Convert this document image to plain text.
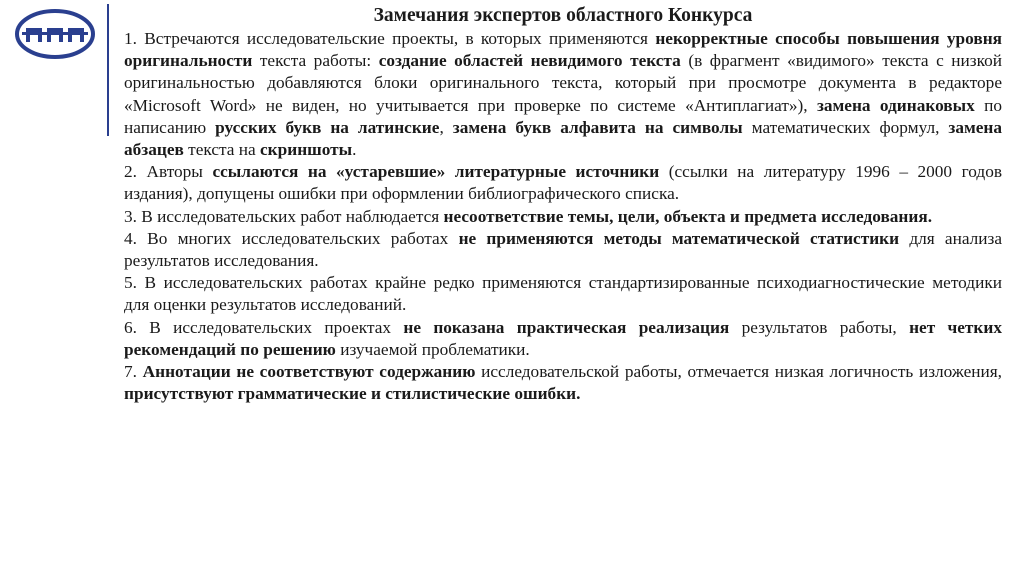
Замечания экспертов областного Конкурса

1. Встречаются исследовательские проекты, в которых применяются некорректные способы повышения уровня оригинальности текста работы: создание областей невидимого текста (в фрагмент «видимого» текста с низкой оригинальностью добавляются блоки оригинального текста, который при просмотре документа в редакторе «Microsoft Word» не виден, но учитывается при проверке по системе «Антиплагиат»), замена одинаковых по написанию русских букв на латинские, замена букв алфавита на символы математических формул, замена абзацев текста на скриншоты.

2. Авторы ссылаются на «устаревшие» литературные источники (ссылки на литературу 1996 – 2000 годов издания), допущены ошибки при оформлении библиографического списка.

3. В исследовательских работ наблюдается несоответствие темы, цели, объекта и предмета исследования.

4. Во многих исследовательских работах не применяются методы математической статистики для анализа результатов исследования.

5. В исследовательских работах крайне редко применяются стандартизированные психодиагностические методики для оценки результатов исследований.

6. В исследовательских проектах не показана практическая реализация результатов работы, нет четких рекомендаций по решению изучаемой проблематики.

7. Аннотации не соответствуют содержанию исследовательской работы, отмечается низкая логичность изложения, присутствуют грамматические и стилистические ошибки.
